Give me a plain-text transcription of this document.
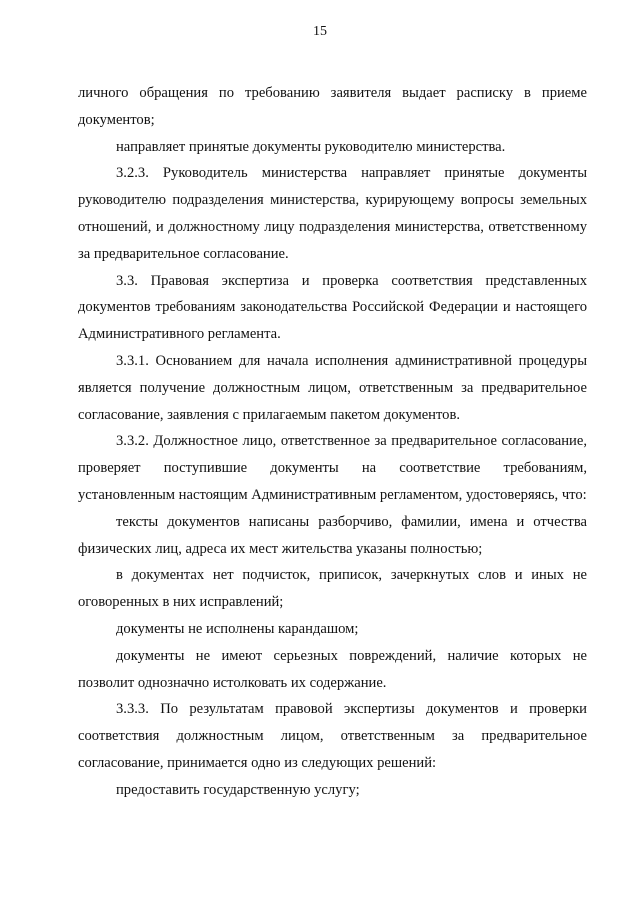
15

личного обращения по требованию заявителя выдает расписку в приеме документов;

направляет принятые документы руководителю министерства.

3.2.3. Руководитель министерства направляет принятые документы руководителю подразделения министерства, курирующему вопросы земельных отношений, и должностному лицу подразделения министерства, ответственному за предварительное согласование.

3.3. Правовая экспертиза и проверка соответствия представленных документов требованиям законодательства Российской Федерации и настоящего Административного регламента.

3.3.1. Основанием для начала исполнения административной процедуры является получение должностным лицом, ответственным за предварительное согласование, заявления с прилагаемым пакетом документов.

3.3.2. Должностное лицо, ответственное за предварительное согласование, проверяет поступившие документы на соответствие требованиям, установленным настоящим Административным регламентом, удостоверяясь, что:

тексты документов написаны разборчиво, фамилии, имена и отчества физических лиц, адреса их мест жительства указаны полностью;

в документах нет подчисток, приписок, зачеркнутых слов и иных не оговоренных в них исправлений;

документы не исполнены карандашом;

документы не имеют серьезных повреждений, наличие которых не позволит однозначно истолковать их содержание.

3.3.3. По результатам правовой экспертизы документов и проверки соответствия должностным лицом, ответственным за предварительное согласование, принимается одно из следующих решений:

предоставить государственную услугу;
